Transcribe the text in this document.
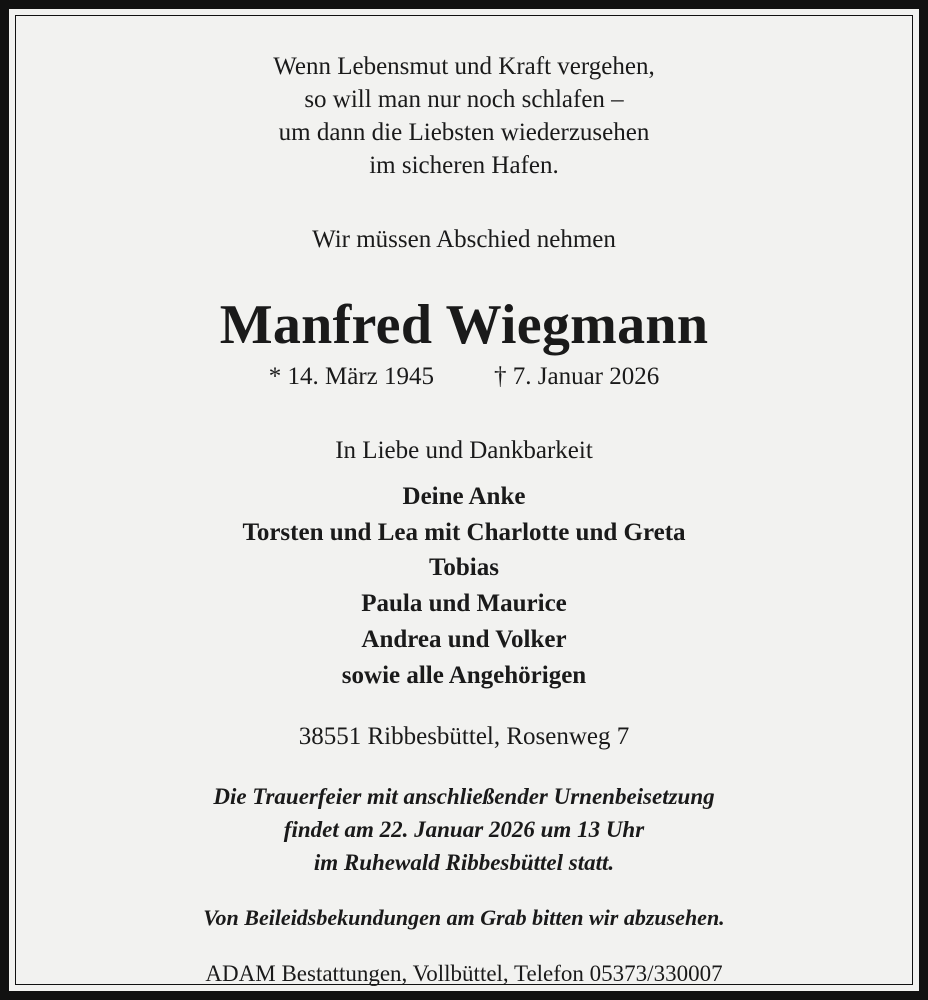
Wenn Lebensmut und Kraft vergehen,
so will man nur noch schlafen –
um dann die Liebsten wiederzusehen
im sicheren Hafen.
Wir müssen Abschied nehmen
Manfred Wiegmann
* 14. März 1945 † 7. Januar 2026
In Liebe und Dankbarkeit
Deine Anke
Torsten und Lea mit Charlotte und Greta
Tobias
Paula und Maurice
Andrea und Volker
sowie alle Angehörigen
38551 Ribbesbüttel, Rosenweg 7
Die Trauerfeier mit anschließender Urnenbeisetzung
findet am 22. Januar 2026 um 13 Uhr
im Ruhewald Ribbesbüttel statt.
Von Beileidsbekundungen am Grab bitten wir abzusehen.
ADAM Bestattungen, Vollbüttel, Telefon 05373/330007
